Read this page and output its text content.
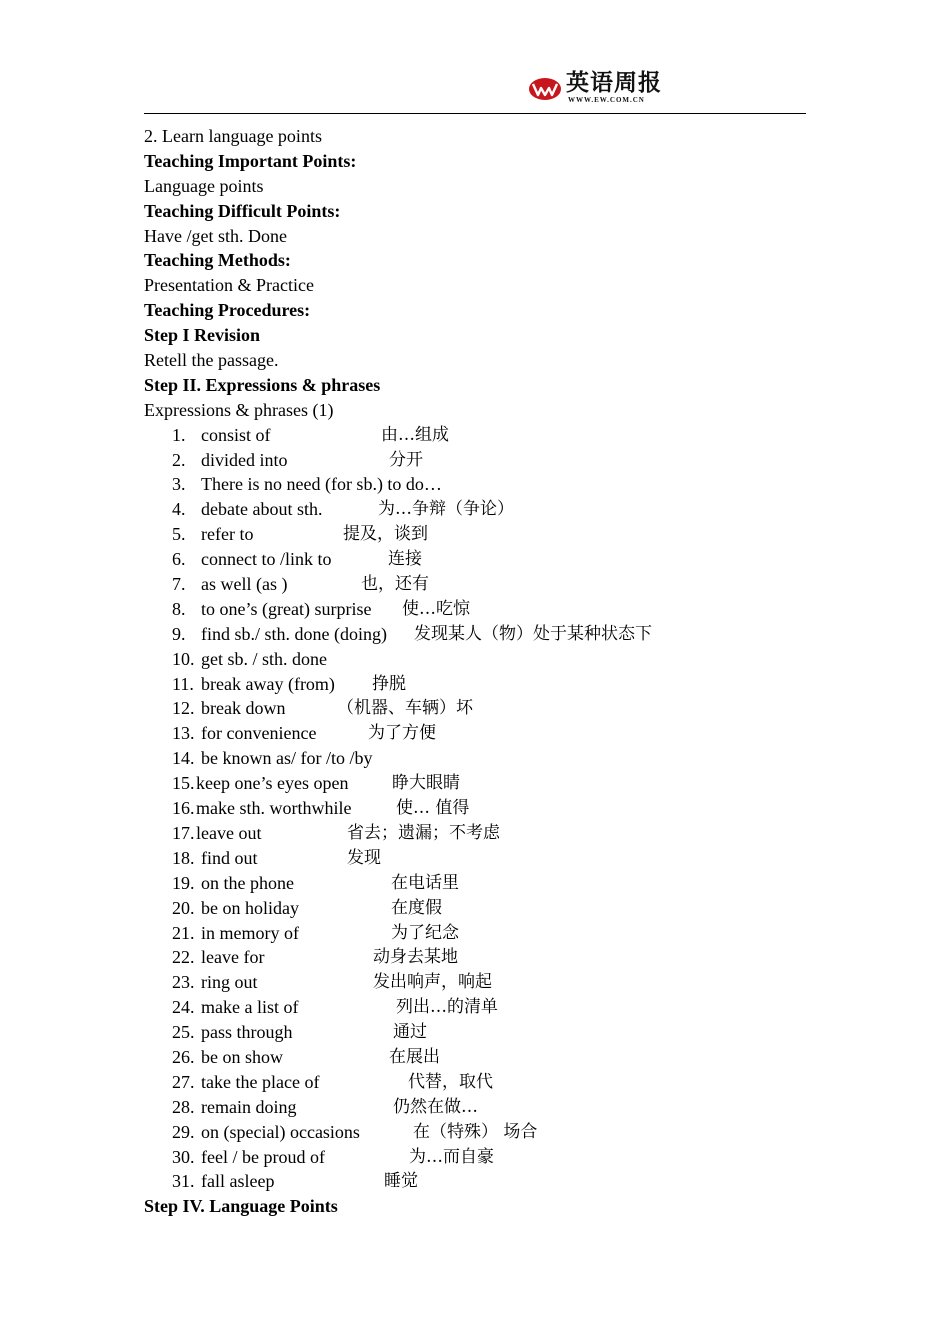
英语周报
WWW.EW.COM.CN
2. Learn language points
Teaching Important Points:
Language points
Teaching Difficult Points:
Have /get sth. Done
Teaching Methods:
Presentation & Practice
Teaching Procedures:
Step I Revision
Retell the passage.
Step II. Expressions & phrases
Expressions & phrases (1)
1. consist of	由…组成
2. divided into	分开
3. There is no need (for sb.) to do…
4. debate about sth.	为…争辩（争论）
5. refer to	提及，谈到
6. connect to /link to	连接
7. as well (as )	也，还有
8. to one’s (great) surprise 使…吃惊
9. find sb./ sth. done (doing) 发现某人（物）处于某种状态下
10. get sb. / sth. done
11. break away (from) 挣脱
12. break down	（机器、车辆）坏
13. for convenience	为了方便
14. be known as/ for /to /by
15. keep one’s eyes open	睁大眼睛
16. make sth. worthwhile	使… 值得
17. leave out	省去；遗漏；不考虑
18. find out	发现
19. on the phone	在电话里
20. be on holiday	在度假
21. in memory of	为了纪念
22. leave for	动身去某地
23. ring out	发出响声，响起
24. make a list of	列出…的清单
25. pass through	通过
26. be on show	在展出
27. take the place of	代替，取代
28. remain doing	仍然在做…
29. on (special) occasions	在（特殊） 场合
30. feel / be proud of	为…而自豪
31. fall asleep	睡觉
Step IV. Language Points
